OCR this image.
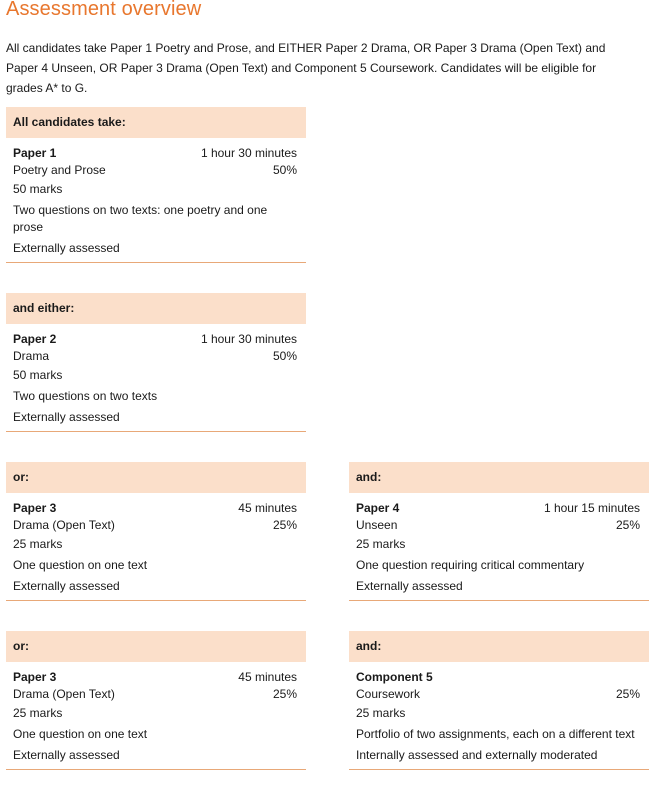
Assessment overview
All candidates take Paper 1 Poetry and Prose, and EITHER Paper 2 Drama, OR Paper 3 Drama (Open Text) and Paper 4 Unseen, OR Paper 3 Drama (Open Text) and Component 5 Coursework. Candidates will be eligible for grades A* to G.
All candidates take:
Paper 1	1 hour 30 minutes
Poetry and Prose	50%
50 marks
Two questions on two texts: one poetry and one prose
Externally assessed
and either:
Paper 2	1 hour 30 minutes
Drama	50%
50 marks
Two questions on two texts
Externally assessed
or:
Paper 3	45 minutes
Drama (Open Text)	25%
25 marks
One question on one text
Externally assessed
and:
Paper 4	1 hour 15 minutes
Unseen	25%
25 marks
One question requiring critical commentary
Externally assessed
or:
Paper 3	45 minutes
Drama (Open Text)	25%
25 marks
One question on one text
Externally assessed
and:
Component 5
Coursework	25%
25 marks
Portfolio of two assignments, each on a different text
Internally assessed and externally moderated
